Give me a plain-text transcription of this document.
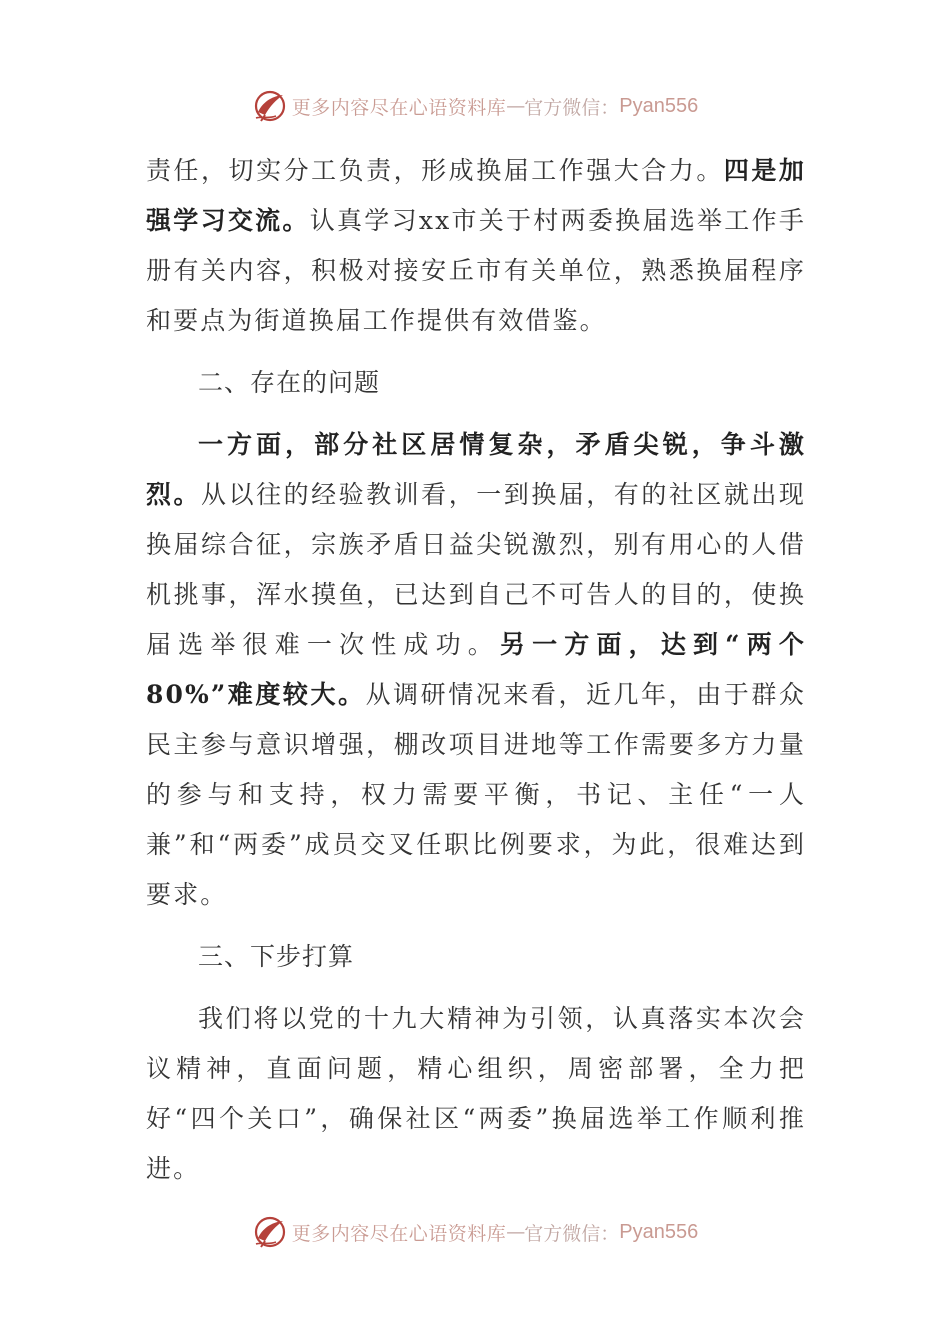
更多内容尽在心语资料库 — 官方微信： Pyan556

责任，切实分工负责，形成换届工作强大合力。四是加强学习交流。认真学习xx市关于村两委换届选举工作手册有关内容，积极对接安丘市有关单位，熟悉换届程序和要点为街道换届工作提供有效借鉴。

二、存在的问题

一方面，部分社区居情复杂，矛盾尖锐，争斗激烈。从以往的经验教训看，一到换届，有的社区就出现换届综合征，宗族矛盾日益尖锐激烈，别有用心的人借机挑事，浑水摸鱼，已达到自己不可告人的目的，使换届选举很难一次性成功。另一方面，达到“两个80%”难度较大。从调研情况来看，近几年，由于群众民主参与意识增强，棚改项目进地等工作需要多方力量的参与和支持，权力需要平衡，书记、主任“一人兼”和“两委”成员交叉任职比例要求，为此，很难达到要求。

三、下步打算

我们将以党的十九大精神为引领，认真落实本次会议精神，直面问题，精心组织，周密部署，全力把好“四个关口”，确保社区“两委”换届选举工作顺利推进。

更多内容尽在心语资料库 — 官方微信： Pyan556
